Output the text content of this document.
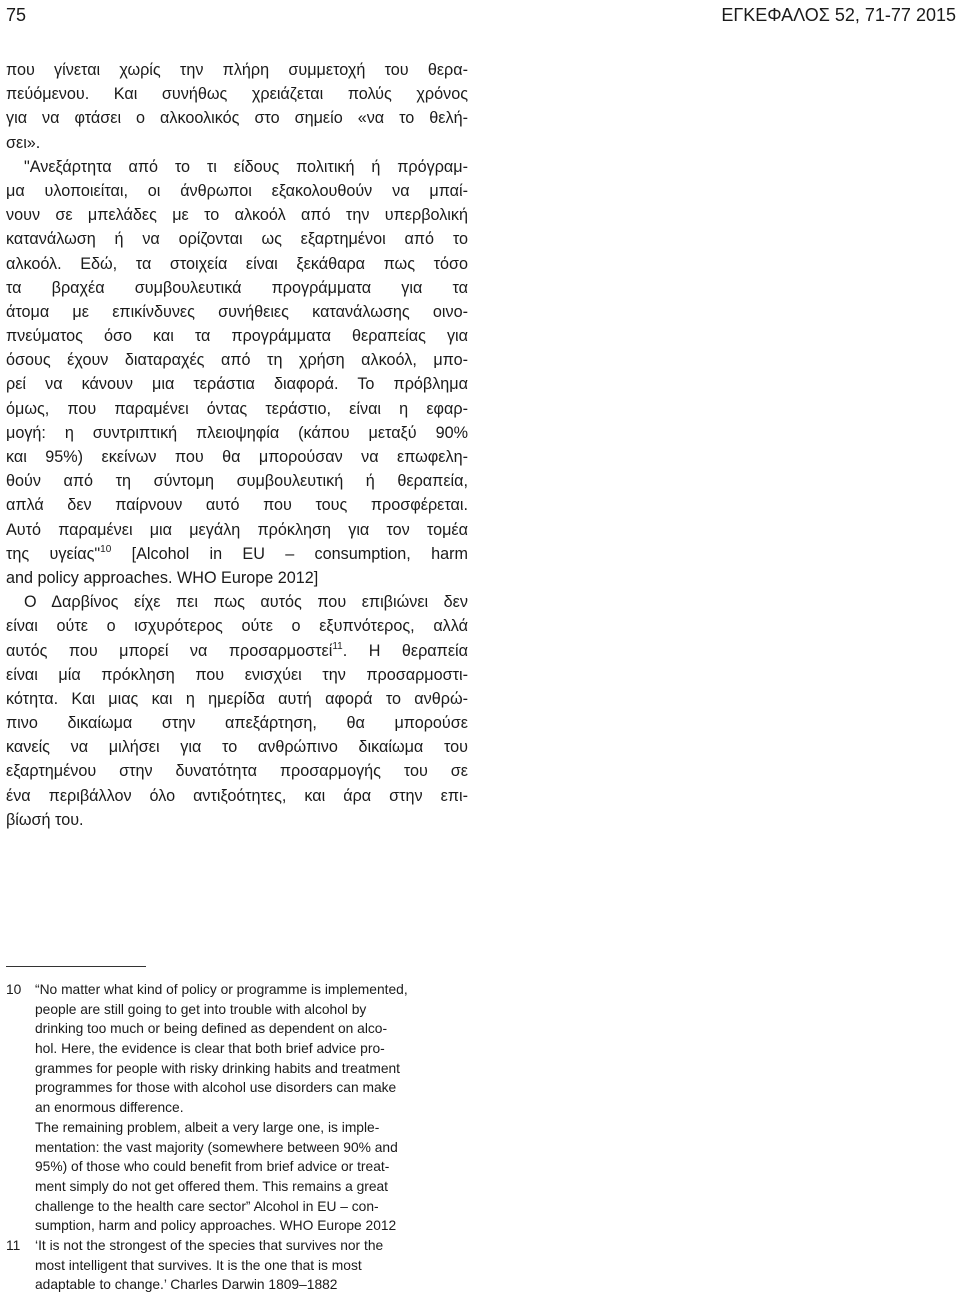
75	ΕΓΚΕΦΑΛΟΣ 52, 71-77 2015
που γίνεται χωρίς την πλήρη συμμετοχή του θερα-
πεύόμενου. Και συνήθως χρειάζεται πολύς χρόνος
για να φτάσει ο αλκοολικός στο σημείο «να το θελή-
σει».
"Ανεξάρτητα από το τι είδους πολιτική ή πρόγραμ-
μα υλοποιείται, οι άνθρωποι εξακολουθούν να μπαί-
νουν σε μπελάδες με το αλκοόλ από την υπερβολική
κατανάλωση ή να ορίζονται ως εξαρτημένοι από το
αλκοόλ. Εδώ, τα στοιχεία είναι ξεκάθαρα πως τόσο
τα βραχέα συμβουλευτικά προγράμματα για τα
άτομα με επικίνδυνες συνήθειες κατανάλωσης οινο-
πνεύματος όσο και τα προγράμματα θεραπείας για
όσους έχουν διαταραχές από τη χρήση αλκοόλ, μπο-
ρεί να κάνουν μια τεράστια διαφορά. Το πρόβλημα
όμως, που παραμένει όντας τεράστιο, είναι η εφαρ-
μογή: η συντριπτική πλειοψηφία (κάπου μεταξύ 90%
και 95%) εκείνων που θα μπορούσαν να επωφελη-
θούν από τη σύντομη συμβουλευτική ή θεραπεία,
απλά δεν παίρνουν αυτό που τους προσφέρεται.
Αυτό παραμένει μια μεγάλη πρόκληση για τον τομέα
της υγείας"$^{10}$ [Alcohol in EU – consumption, harm
and policy approaches. WHO Europe 2012]
Ο Δαρβίνος είχε πει πως αυτός που επιβιώνει δεν
είναι ούτε ο ισχυρότερος ούτε ο εξυπνότερος, αλλά
αυτός που μπορεί να προσαρμοστεί$^{11}$. Η θεραπεία
είναι μία πρόκληση που ενισχύει την προσαρμοστι-
κότητα. Και μιας και η ημερίδα αυτή αφορά το ανθρώ-
πινο δικαίωμα στην απεξάρτηση, θα μπορούσε
κανείς να μιλήσει για το ανθρώπινο δικαίωμα του
εξαρτημένου στην δυνατότητα προσαρμογής του σε
ένα περιβάλλον όλο αντιξοότητες, και άρα στην επι-
βίωσή του.
10 “No matter what kind of policy or programme is implemented,
people are still going to get into trouble with alcohol by
drinking too much or being defined as dependent on alco-
hol. Here, the evidence is clear that both brief advice pro-
grammes for people with risky drinking habits and treatment
programmes for those with alcohol use disorders can make
an enormous difference.
The remaining problem, albeit a very large one, is imple-
mentation: the vast majority (somewhere between 90% and
95%) of those who could benefit from brief advice or treat-
ment simply do not get offered them. This remains a great
challenge to the health care sector” Alcohol in EU – con-
sumption, harm and policy approaches. WHO Europe 2012
11 ‘It is not the strongest of the species that survives nor the
most intelligent that survives. It is the one that is most
adaptable to change.’ Charles Darwin 1809–1882
